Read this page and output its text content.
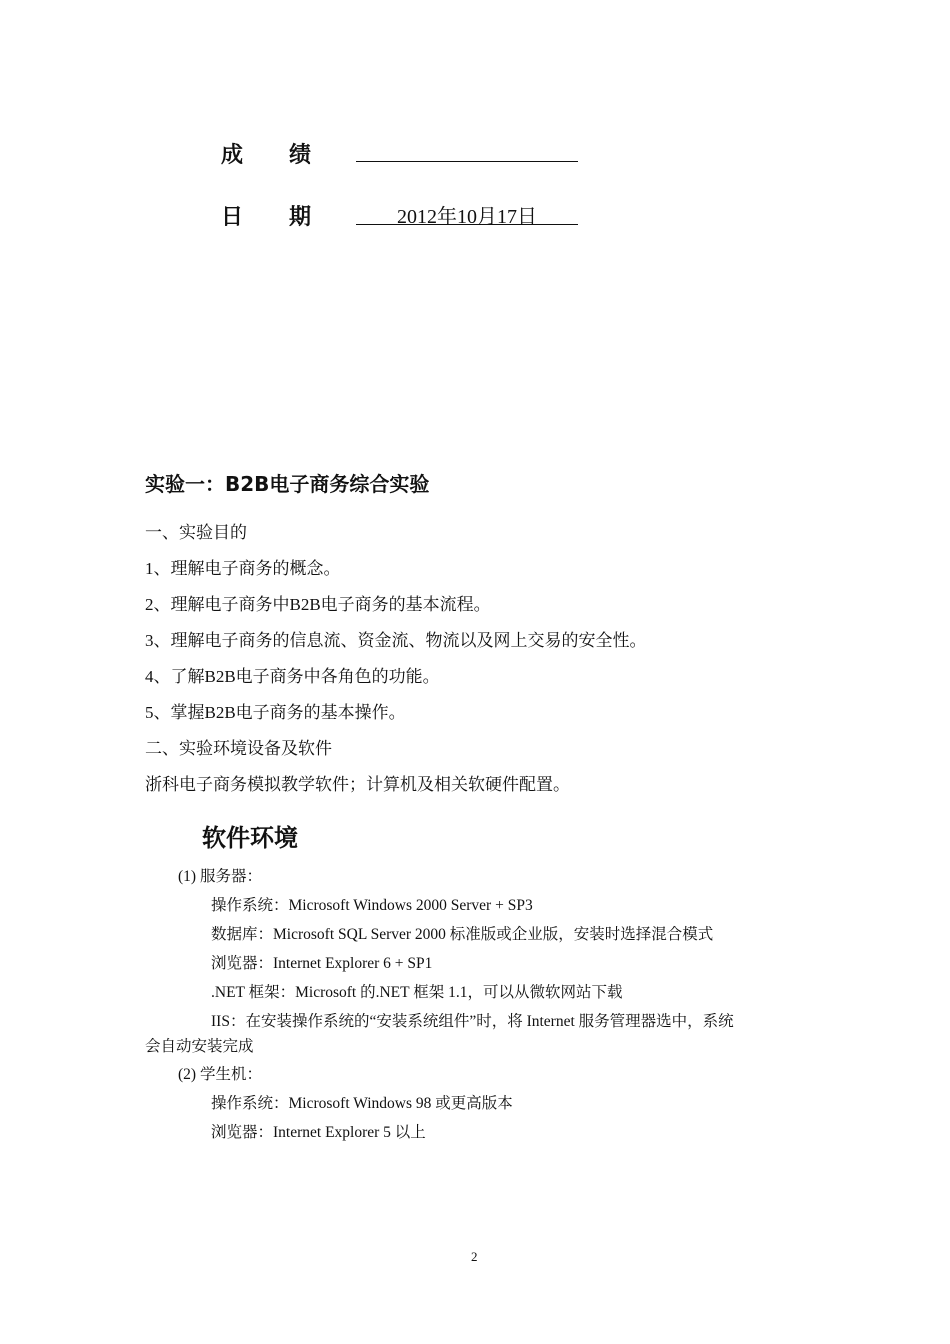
成 绩
日 期	2012年10月17日
实验一：B2B电子商务综合实验
一、实验目的
1、理解电子商务的概念。
2、理解电子商务中B2B电子商务的基本流程。
3、理解电子商务的信息流、资金流、物流以及网上交易的安全性。
4、了解B2B电子商务中各角色的功能。
5、掌握B2B电子商务的基本操作。
二、实验环境设备及软件
浙科电子商务模拟教学软件；计算机及相关软硬件配置。
软件环境
(1) 服务器：
操作系统：Microsoft Windows 2000 Server + SP3
数据库：Microsoft SQL Server 2000 标准版或企业版，安装时选择混合模式
浏览器：Internet Explorer 6 + SP1
.NET 框架：Microsoft 的.NET 框架 1.1，可以从微软网站下载
IIS：在安装操作系统的“安装系统组件”时，将 Internet 服务管理器选中，系统
会自动安装完成
(2) 学生机：
操作系统：Microsoft Windows 98 或更高版本
浏览器：Internet Explorer 5 以上
2
